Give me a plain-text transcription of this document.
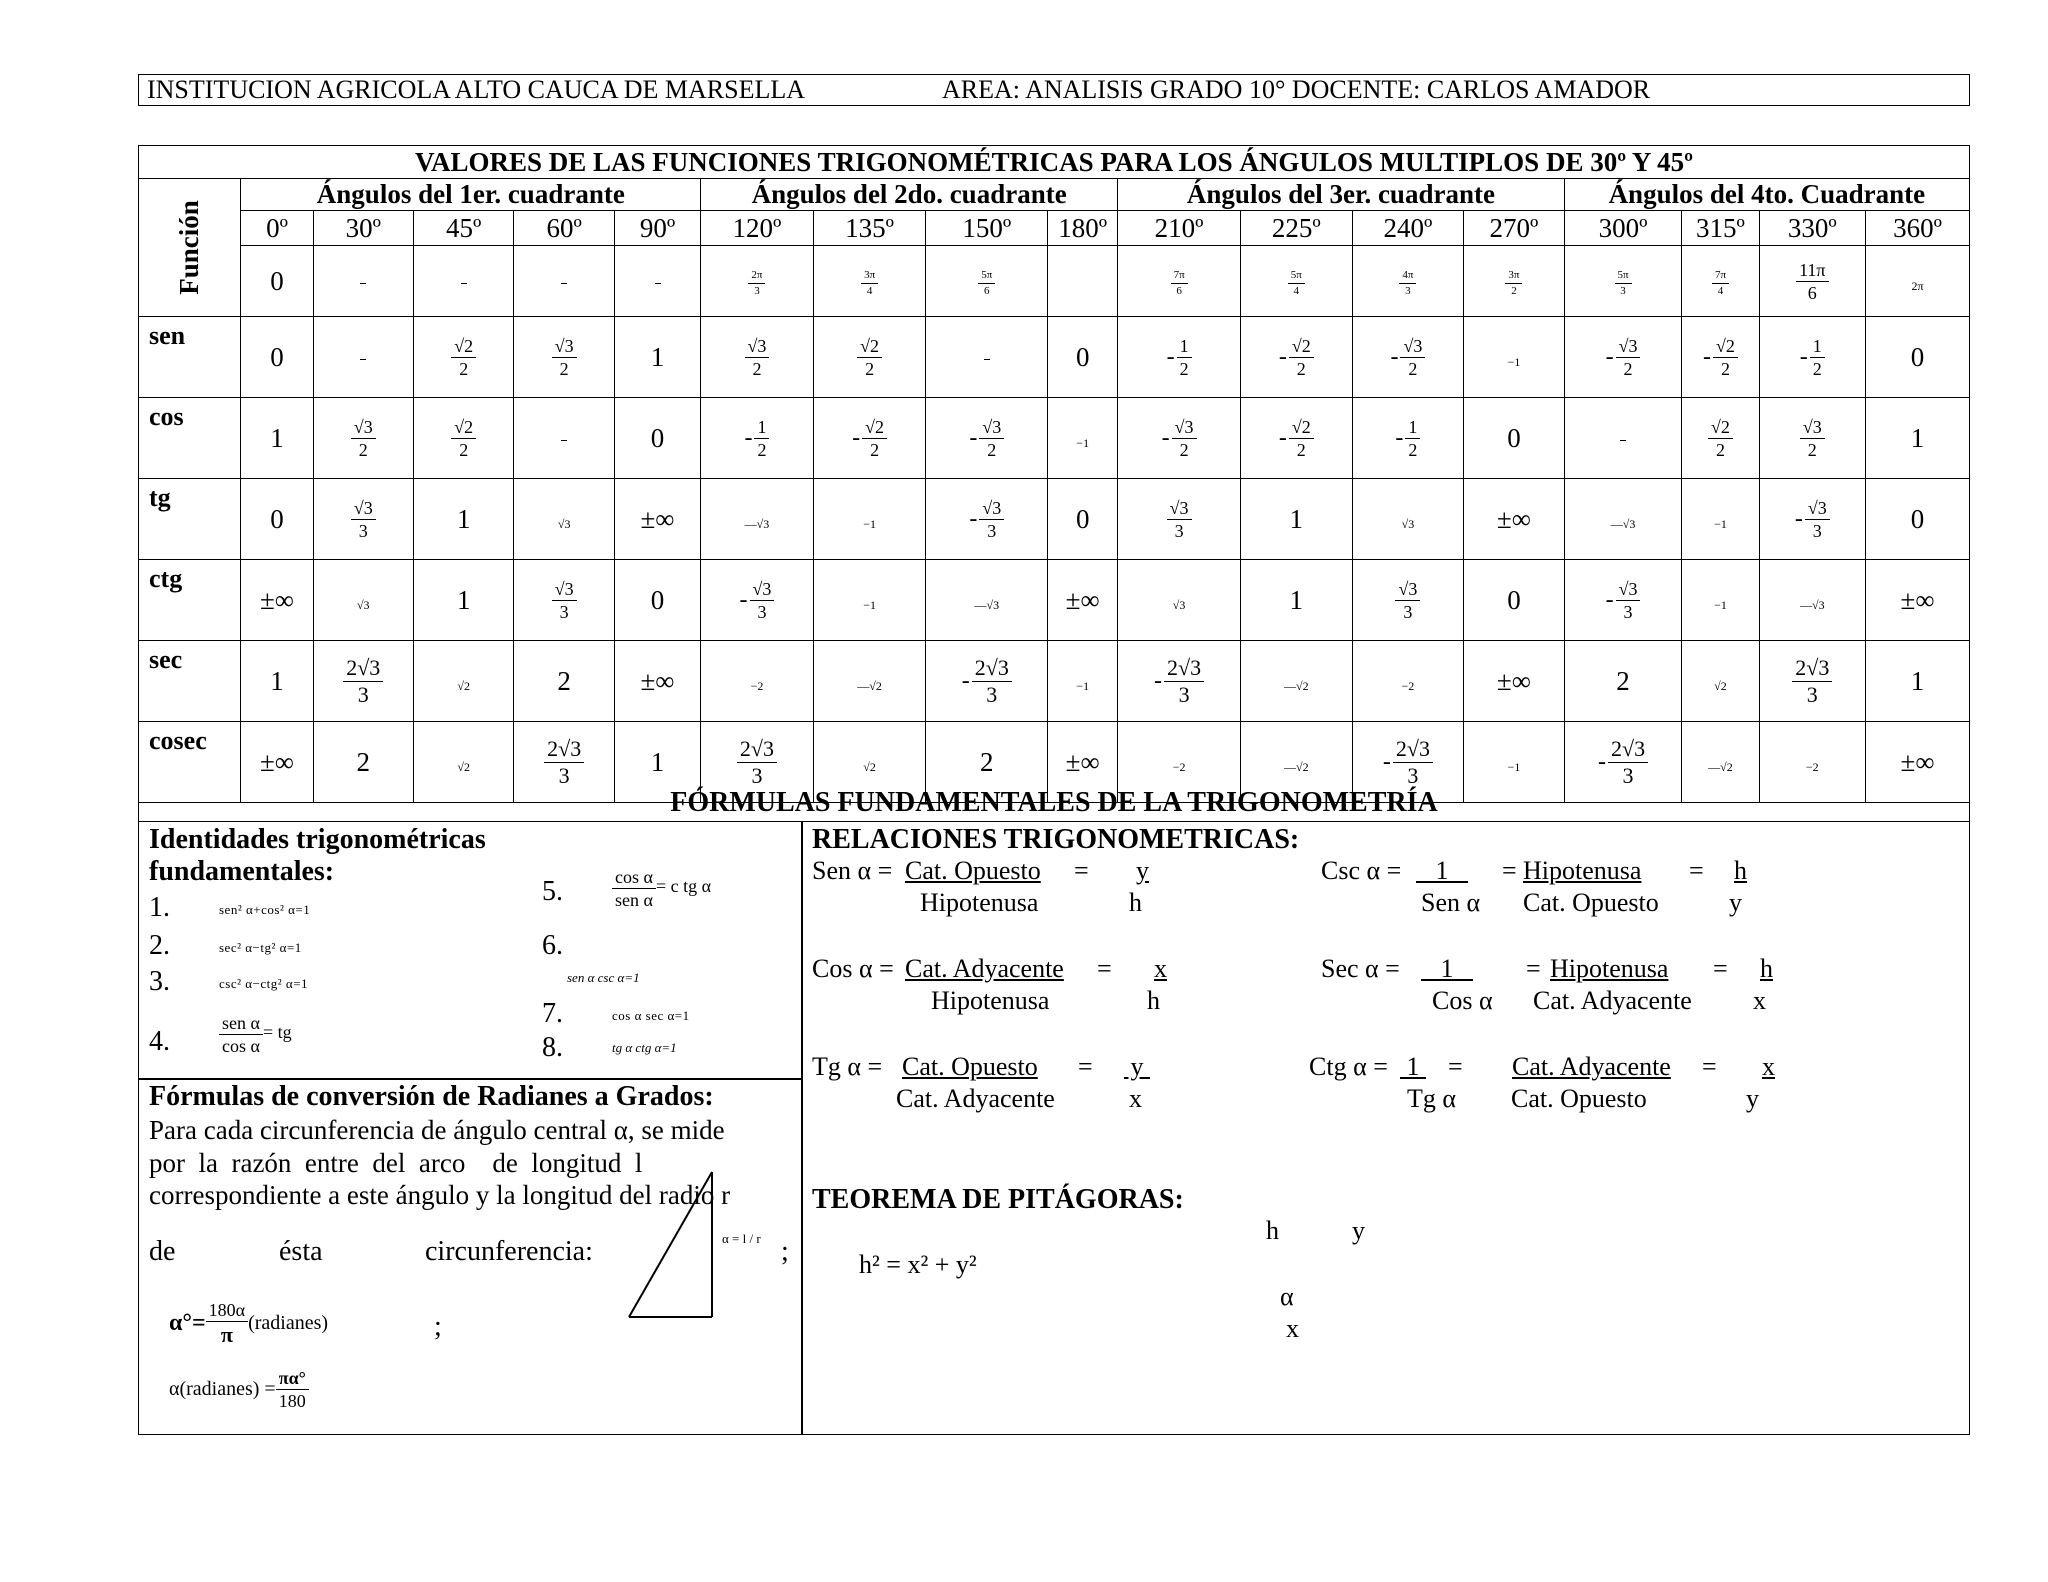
INSTITUCION AGRICOLA ALTO CAUCA DE MARSELLA	AREA: ANALISIS GRADO 10° DOCENTE: CARLOS AMADOR
VALORES DE LAS FUNCIONES TRIGONOMÉTRICAS PARA LOS ÁNGULOS MULTIPLOS DE 30º Y 45º																	
Función	Ángulos del 1er. cuadrante					Ángulos del 2do. cuadrante				Ángulos del 3er. cuadrante				Ángulos del 4to. Cuadrante			
	0º	30º	45º	60º	90º	120º	135º	150º	180º	210º	225º	240º	270º	300º	315º	330º	360º
	0					$\frac{2\pi}{3}$	$\frac{3\pi}{4}$	$\frac{5\pi}{6}$		$\frac{7\pi}{6}$	$\frac{5\pi}{4}$	$\frac{4\pi}{3}$	$\frac{3\pi}{2}$	$\frac{5\pi}{3}$	$\frac{7\pi}{4}$	$\frac{11\pi}{6}$	2π
sen	0		$\frac{√2}{2}$	$\frac{√3}{2}$	1	$\frac{√3}{2}$	$\frac{√2}{2}$		0	- $\frac{1}{2}$	- $\frac{√2}{2}$	- $\frac{√3}{2}$	−1	- $\frac{√3}{2}$	- $\frac{√2}{2}$	- $\frac{1}{2}$	0
cos	1	$\frac{√3}{2}$	$\frac{√2}{2}$		0	- $\frac{1}{2}$	- $\frac{√2}{2}$	- $\frac{√3}{2}$	−1	- $\frac{√3}{2}$	- $\frac{√2}{2}$	- $\frac{1}{2}$	0		$\frac{√2}{2}$	$\frac{√3}{2}$	1
tg	0	$\frac{√3}{3}$	1	√3	±∞	—√3	−1	- $\frac{√3}{3}$	0	$\frac{√3}{3}$	1	√3	±∞	—√3	−1	- $\frac{√3}{3}$	0
ctg	±∞	√3	1	$\frac{√3}{3}$	0	- $\frac{√3}{3}$	−1	—√3	±∞	√3	1	$\frac{√3}{3}$	0	- $\frac{√3}{3}$	−1	—√3	±∞
sec	1	$\frac{2√3}{3}$	√2	2	±∞	−2	—√2	- $\frac{2√3}{3}$	−1	- $\frac{2√3}{3}$	—√2	−2	±∞	2	√2	$\frac{2√3}{3}$	1
cosec	±∞	2	√2	$\frac{2√3}{3}$	1	$\frac{2√3}{3}$	√2	2	±∞	−2	—√2	- $\frac{2√3}{3}$	−1	- $\frac{2√3}{3}$	—√2	−2	±∞
FÓRMULAS FUNDAMENTALES DE LA TRIGONOMETRÍA
Identidades trigonométricas
fundamentales:
1.	sen² α+cos² α=1
2.	sec² α−tg² α=1
3.	csc² α−ctg² α=1
4.	$\frac{\text{sen α}}{\text{cos α}}$ = tg
5.	$\frac{\text{cos α}}{\text{sen α}} = c$ tg α
6.
sen α csc α=1
7.	cos α sec α=1
8.	tg α ctg α=1
Fórmulas de conversión de Radianes a Grados:
Para cada circunferencia de ángulo central α, se mide
por  la  razón  entre  del  arco    de  longitud  l
correspondiente a este ángulo y la longitud del radio r
de	ésta	circunferencia:	;
α = l / r
$\alpha^\circ= \frac{180\alpha}{\pi}$ (radianes)	;
α(radianes) = $\frac{\pi\alpha^\circ}{180}$
RELACIONES TRIGONOMETRICAS:
Sen α = Cat. Opuesto = y
Hipotenusa	h
Csc α = 1 = Hipotenusa = h
Sen α Cat. Opuesto	y
Cos α = Cat. Adyacente = x
Hipotenusa	h
Sec α = 1 = Hipotenusa = h
Cos α Cat. Adyacente x
Tg α = Cat. Opuesto = y
Cat. Adyacente	x
Ctg α = 1 = Cat. Adyacente = x
Tg α Cat. Opuesto	y
TEOREMA DE PITÁGORAS:
h² = x² + y²
h	y
α
x
